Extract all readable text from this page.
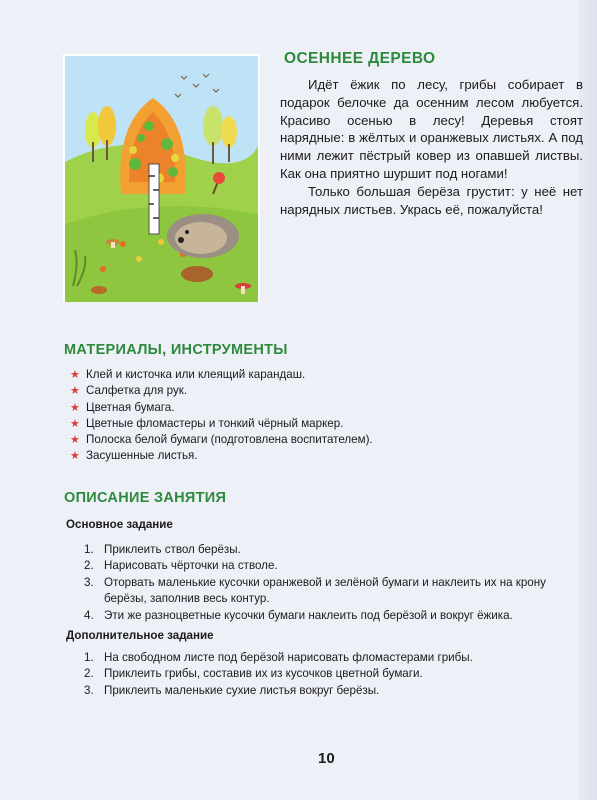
ОСЕННЕЕ ДЕРЕВО

Идёт ёжик по лесу, грибы собирает в подарок белочке да осенним лесом любуется. Красиво осенью в лесу! Деревья стоят нарядные: в жёлтых и оранжевых листьях. А под ними лежит пёстрый ковер из опавшей листвы. Как она приятно шуршит под ногами!

Только большая берёза грустит: у неё нет нарядных листьев. Укрась её, пожалуйста!

МАТЕРИАЛЫ, ИНСТРУМЕНТЫ
★ Клей и кисточка или клеящий карандаш.
★ Салфетка для рук.
★ Цветная бумага.
★ Цветные фломастеры и тонкий чёрный маркер.
★ Полоска белой бумаги (подготовлена воспитателем).
★ Засушенные листья.
ОПИСАНИЕ ЗАНЯТИЯ
Основное задание
1. Приклеить ствол берёзы.
2. Нарисовать чёрточки на стволе.
3. Оторвать маленькие кусочки оранжевой и зелёной бумаги и наклеить их на крону берёзы, заполнив весь контур.
4. Эти же разноцветные кусочки бумаги наклеить под берёзой и вокруг ёжика.
Дополнительное задание
1. На свободном листе под берёзой нарисовать фломастерами грибы.
2. Приклеить грибы, составив их из кусочков цветной бумаги.
3. Приклеить маленькие сухие листья вокруг берёзы.
10
